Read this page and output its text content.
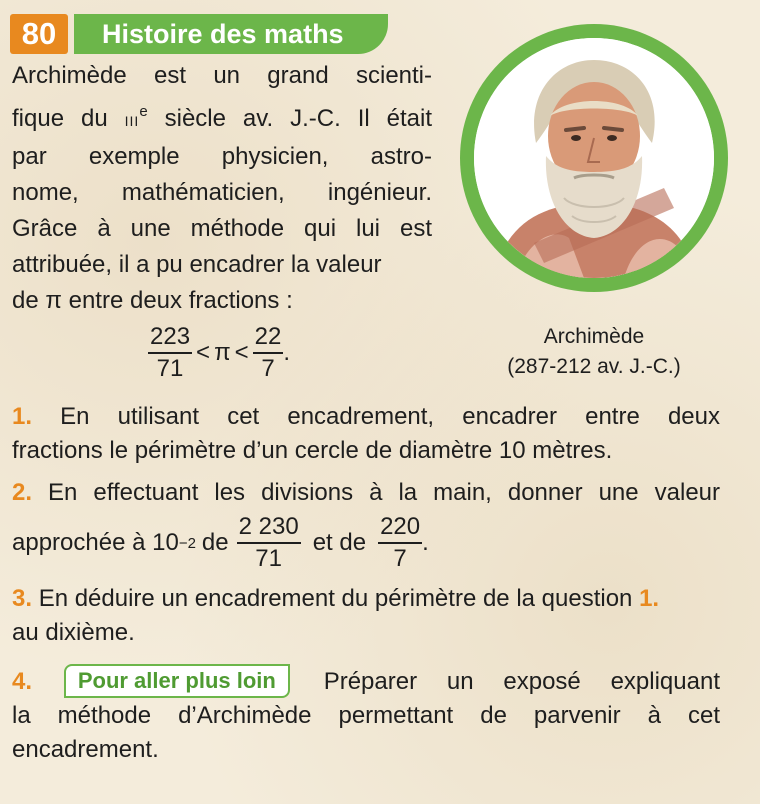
80	Histoire des maths
Archimède est un grand scienti-
fique du IIIe siècle av. J.-C. Il était
par exemple physicien, astro-
nome, mathématicien, ingénieur.
Grâce à une méthode qui lui est
attribuée, il a pu encadrer la valeur
de π entre deux fractions :
Archimède
(287-212 av. J.-C.)
$\frac{223}{71} < \pi < \frac{22}{7}$ .
1. En utilisant cet encadrement, encadrer entre deux
fractions le périmètre d’un cercle de diamètre 10 mètres.
2. En effectuant les divisions à la main, donner une valeur
approchée à 10 −2 de $\frac{2 230}{71}$ et de $\frac{220}{7}$ .
3. En déduire un encadrement du périmètre de la question 1.
au dixième.
4. Pour aller plus loin Préparer un exposé expliquant
la méthode d’Archimède permettant de parvenir à cet
encadrement.
